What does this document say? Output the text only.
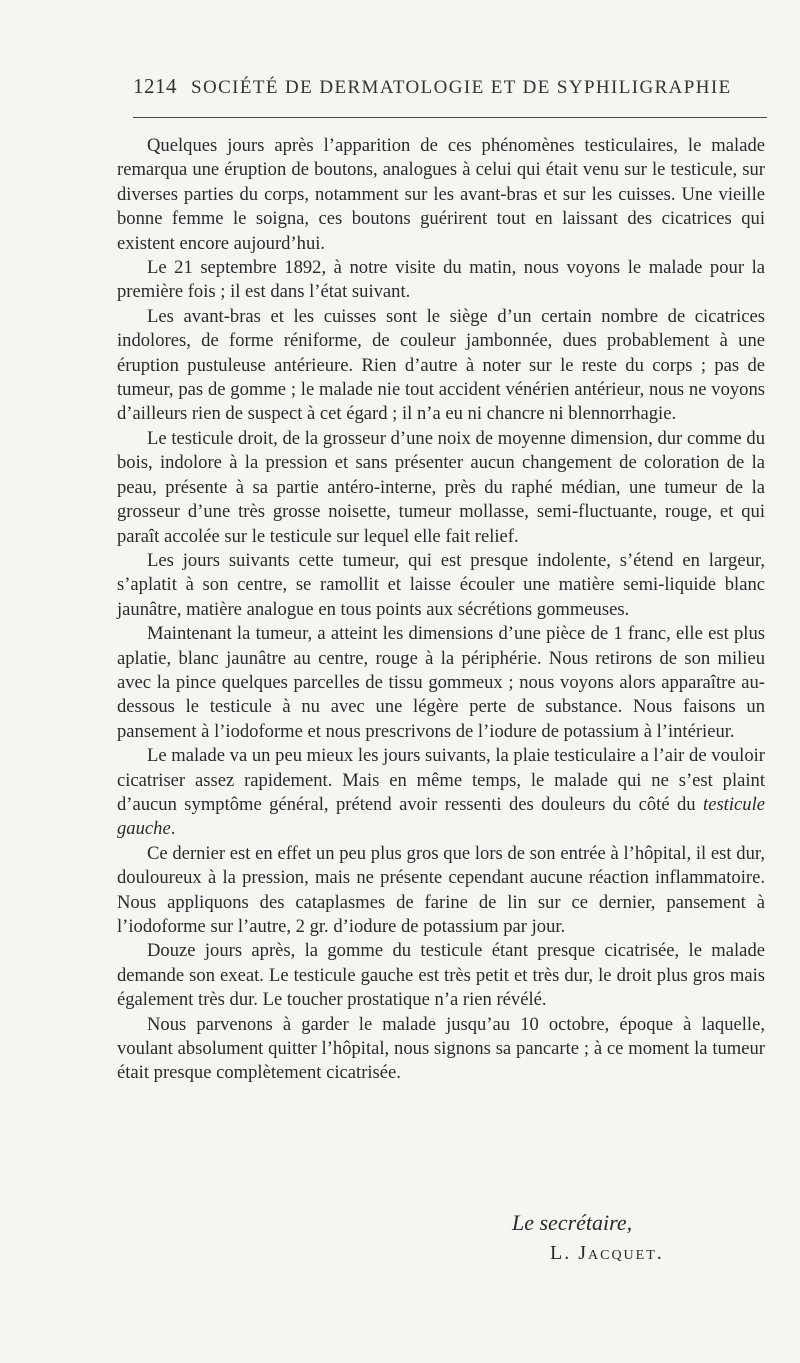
1214 SOCIÉTÉ DE DERMATOLOGIE ET DE SYPHILIGRAPHIE

Quelques jours après l’apparition de ces phénomènes testiculaires, le malade remarqua une éruption de boutons, analogues à celui qui était venu sur le testicule, sur diverses parties du corps, notamment sur les avant-bras et sur les cuisses. Une vieille bonne femme le soigna, ces boutons guérirent tout en laissant des cicatrices qui existent encore aujourd’hui.

Le 21 septembre 1892, à notre visite du matin, nous voyons le malade pour la première fois ; il est dans l’état suivant.

Les avant-bras et les cuisses sont le siège d’un certain nombre de cicatrices indolores, de forme réniforme, de couleur jambonnée, dues probablement à une éruption pustuleuse antérieure. Rien d’autre à noter sur le reste du corps ; pas de tumeur, pas de gomme ; le malade nie tout accident vénérien antérieur, nous ne voyons d’ailleurs rien de suspect à cet égard ; il n’a eu ni chancre ni blennorrhagie.

Le testicule droit, de la grosseur d’une noix de moyenne dimension, dur comme du bois, indolore à la pression et sans présenter aucun changement de coloration de la peau, présente à sa partie antéro-interne, près du raphé médian, une tumeur de la grosseur d’une très grosse noisette, tumeur mollasse, semi-fluctuante, rouge, et qui paraît accolée sur le testicule sur lequel elle fait relief.

Les jours suivants cette tumeur, qui est presque indolente, s’étend en largeur, s’aplatit à son centre, se ramollit et laisse écouler une matière semi-liquide blanc jaunâtre, matière analogue en tous points aux sécrétions gommeuses.

Maintenant la tumeur, a atteint les dimensions d’une pièce de 1 franc, elle est plus aplatie, blanc jaunâtre au centre, rouge à la périphérie. Nous retirons de son milieu avec la pince quelques parcelles de tissu gommeux ; nous voyons alors apparaître au-dessous le testicule à nu avec une légère perte de substance. Nous faisons un pansement à l’iodoforme et nous prescrivons de l’iodure de potassium à l’intérieur.

Le malade va un peu mieux les jours suivants, la plaie testiculaire a l’air de vouloir cicatriser assez rapidement. Mais en même temps, le malade qui ne s’est plaint d’aucun symptôme général, prétend avoir ressenti des douleurs du côté du testicule gauche.

Ce dernier est en effet un peu plus gros que lors de son entrée à l’hôpital, il est dur, douloureux à la pression, mais ne présente cependant aucune réaction inflammatoire. Nous appliquons des cataplasmes de farine de lin sur ce dernier, pansement à l’iodoforme sur l’autre, 2 gr. d’iodure de potassium par jour.

Douze jours après, la gomme du testicule étant presque cicatrisée, le malade demande son exeat. Le testicule gauche est très petit et très dur, le droit plus gros mais également très dur. Le toucher prostatique n’a rien révélé.

Nous parvenons à garder le malade jusqu’au 10 octobre, époque à laquelle, voulant absolument quitter l’hôpital, nous signons sa pancarte ; à ce moment la tumeur était presque complètement cicatrisée.

Le secrétaire,
L. Jacquet.
